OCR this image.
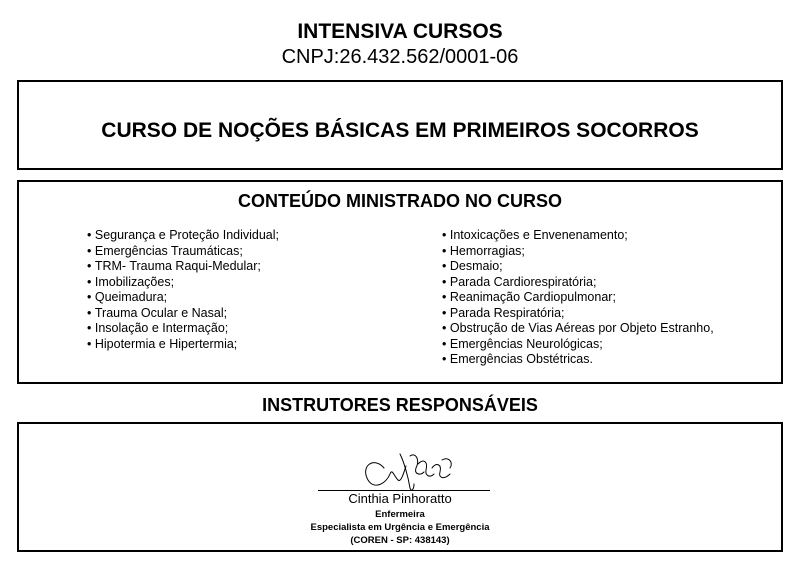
INTENSIVA CURSOS
CNPJ:26.432.562/0001-06
CURSO DE NOÇÕES BÁSICAS EM PRIMEIROS SOCORROS
CONTEÚDO MINISTRADO NO CURSO
• Segurança e Proteção Individual;
• Emergências Traumáticas;
• TRM- Trauma Raqui-Medular;
• Imobilizações;
• Queimadura;
• Trauma Ocular e Nasal;
• Insolação e Intermação;
• Hipotermia e Hipertermia;
• Intoxicações e Envenenamento;
• Hemorragias;
• Desmaio;
• Parada Cardiorespiratória;
• Reanimação Cardiopulmonar;
• Parada Respiratória;
• Obstrução de Vias Aéreas por Objeto Estranho,
• Emergências Neurológicas;
• Emergências Obstétricas.
INSTRUTORES RESPONSÁVEIS
Cinthia Pinhoratto
Enfermeira
Especialista em Urgência e Emergência
(COREN - SP: 438143)
